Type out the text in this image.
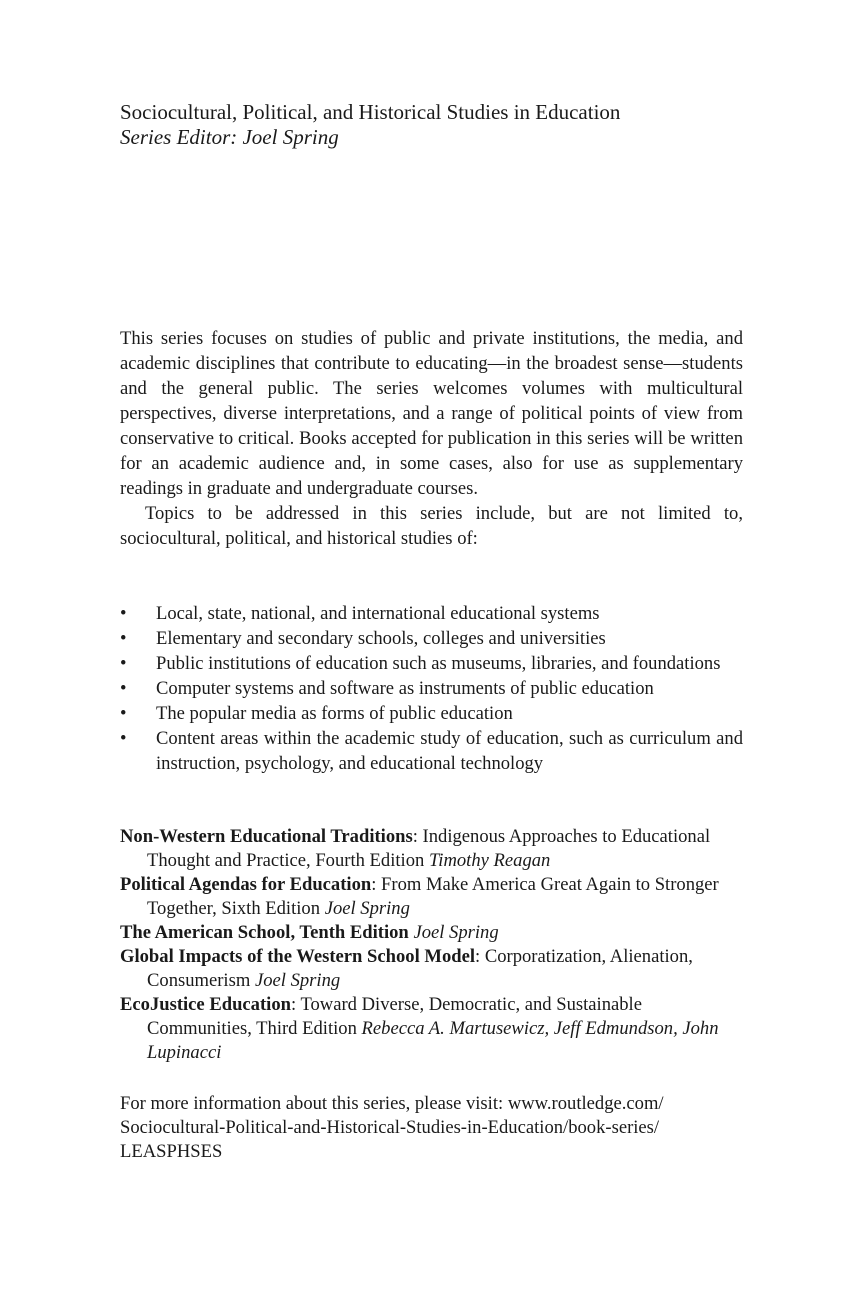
Sociocultural, Political, and Historical Studies in Education
Series Editor: Joel Spring

This series focuses on studies of public and private institutions, the media, and academic disciplines that contribute to educating—in the broadest sense—students and the general public. The series welcomes volumes with multicultural perspectives, diverse interpretations, and a range of political points of view from conservative to critical. Books accepted for publication in this series will be written for an academic audience and, in some cases, also for use as supplementary readings in graduate and undergraduate courses.

Topics to be addressed in this series include, but are not limited to, sociocultural, political, and historical studies of:

•	Local, state, national, and international educational systems
•	Elementary and secondary schools, colleges and universities
•	Public institutions of education such as museums, libraries, and foundations
•	Computer systems and software as instruments of public education
•	The popular media as forms of public education
•	Content areas within the academic study of education, such as curriculum and instruction, psychology, and educational technology
Non-Western Educational Traditions: Indigenous Approaches to Educational Thought and Practice, Fourth Edition Timothy Reagan
Political Agendas for Education: From Make America Great Again to Stronger Together, Sixth Edition Joel Spring
The American School, Tenth Edition Joel Spring
Global Impacts of the Western School Model: Corporatization, Alienation, Consumerism Joel Spring
EcoJustice Education: Toward Diverse, Democratic, and Sustainable Communities, Third Edition Rebecca A. Martusewicz, Jeff Edmundson, John Lupinacci
For more information about this series, please visit: www.routledge.com/
Sociocultural-Political-and-Historical-Studies-in-Education/book-series/
LEASPHSES
